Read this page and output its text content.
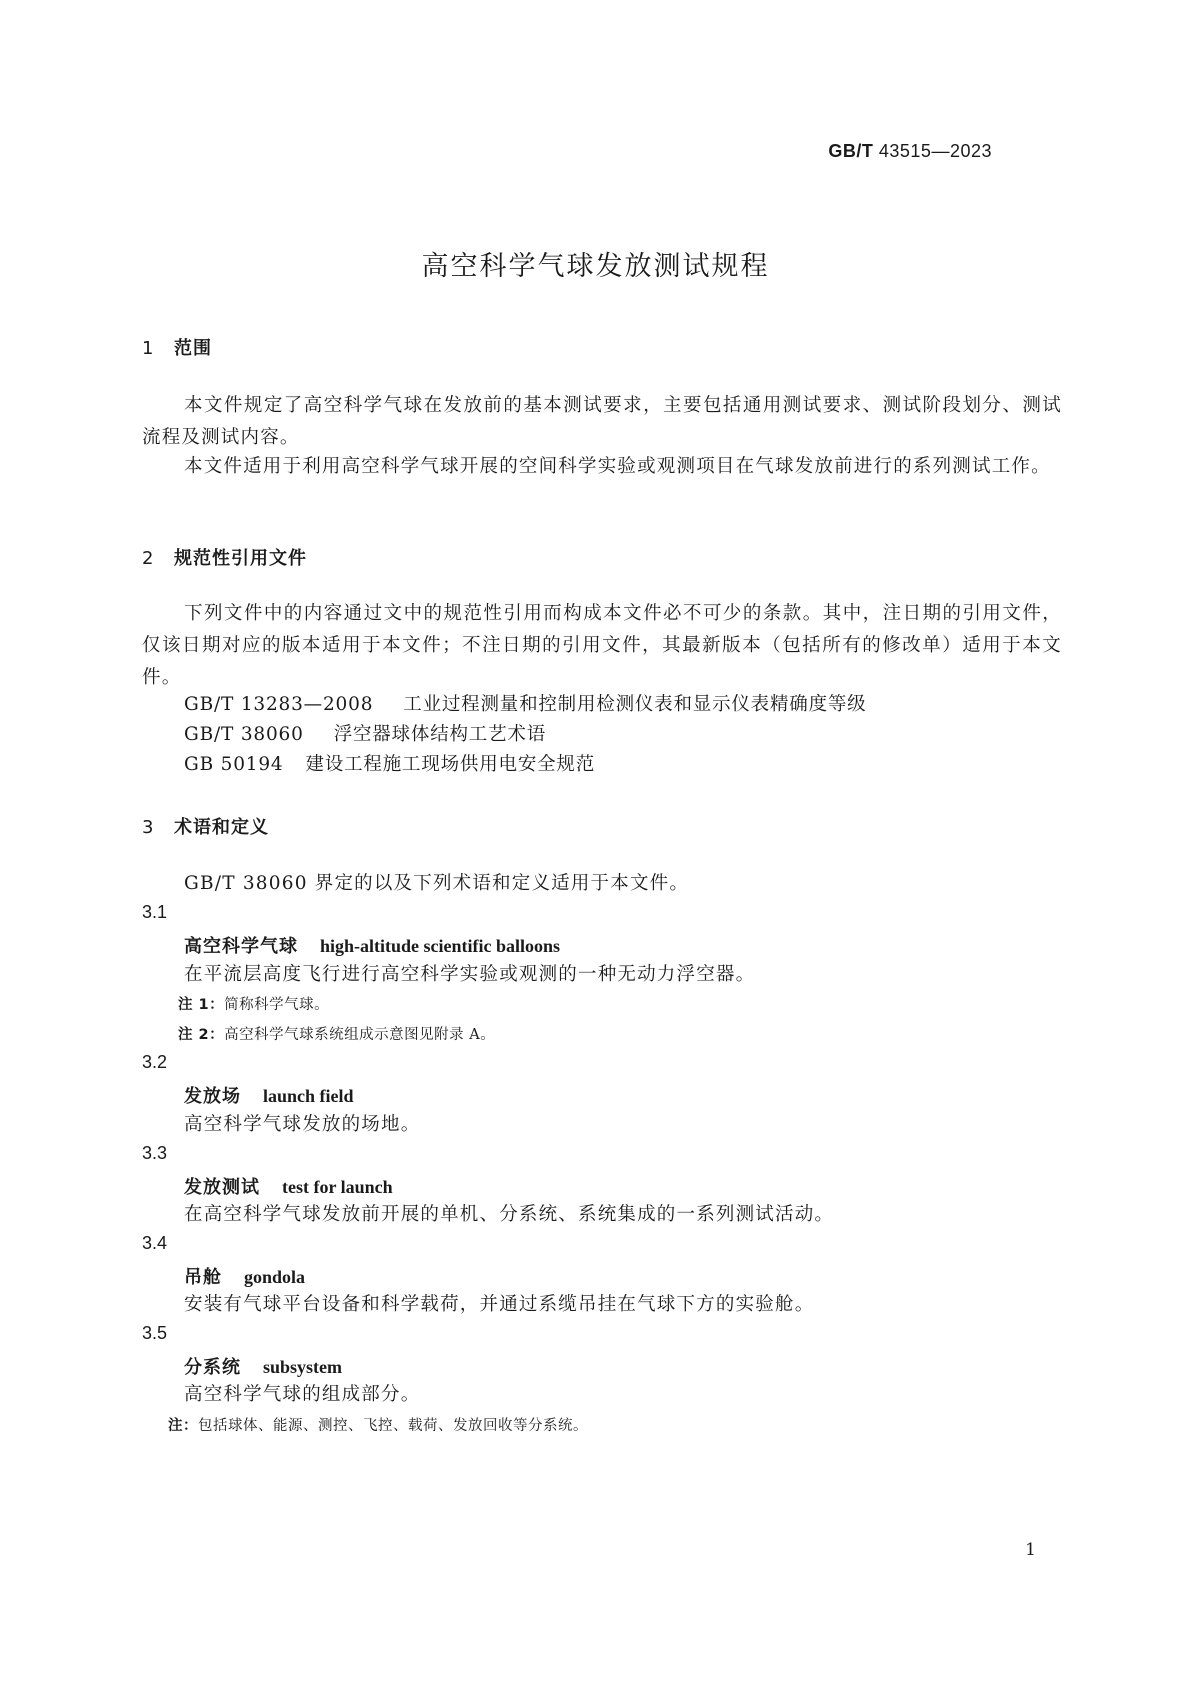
GB/T 43515—2023
高空科学气球发放测试规程
1 范围
本文件规定了高空科学气球在发放前的基本测试要求，主要包括通用测试要求、测试阶段划分、测试流程及测试内容。
本文件适用于利用高空科学气球开展的空间科学实验或观测项目在气球发放前进行的系列测试工作。
2 规范性引用文件
下列文件中的内容通过文中的规范性引用而构成本文件必不可少的条款。其中，注日期的引用文件，仅该日期对应的版本适用于本文件；不注日期的引用文件，其最新版本（包括所有的修改单）适用于本文件。
GB/T 13283—2008 工业过程测量和控制用检测仪表和显示仪表精确度等级
GB/T 38060 浮空器球体结构工艺术语
GB 50194 建设工程施工现场供用电安全规范
3 术语和定义
GB/T 38060 界定的以及下列术语和定义适用于本文件。
3.1
高空科学气球 high-altitude scientific balloons
在平流层高度飞行进行高空科学实验或观测的一种无动力浮空器。
注 1：简称科学气球。
注 2：高空科学气球系统组成示意图见附录 A。
3.2
发放场 launch field
高空科学气球发放的场地。
3.3
发放测试 test for launch
在高空科学气球发放前开展的单机、分系统、系统集成的一系列测试活动。
3.4
吊舱 gondola
安装有气球平台设备和科学载荷，并通过系缆吊挂在气球下方的实验舱。
3.5
分系统 subsystem
高空科学气球的组成部分。
注：包括球体、能源、测控、飞控、载荷、发放回收等分系统。
1
